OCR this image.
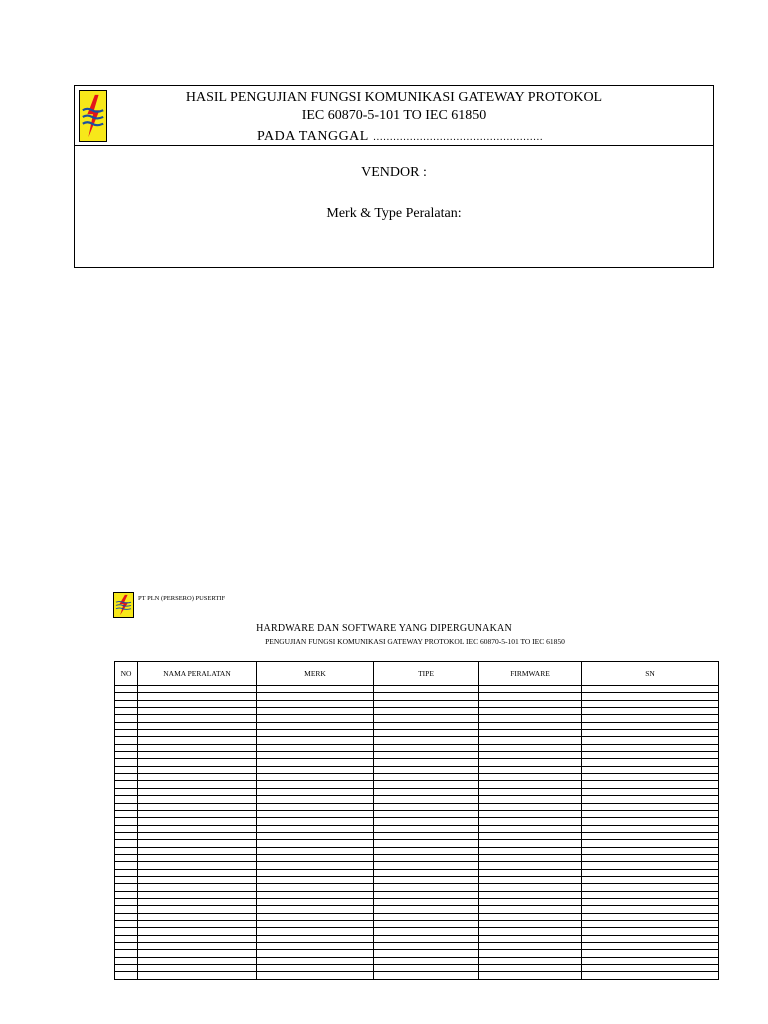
HASIL PENGUJIAN FUNGSI KOMUNIKASI GATEWAY PROTOKOL
IEC 60870-5-101 TO IEC 61850
PADA TANGGAL ……………………………………………
VENDOR :
Merk & Type Peralatan:
PT PLN (PERSERO) PUSERTIF
HARDWARE DAN SOFTWARE YANG DIPERGUNAKAN
PENGUJIAN FUNGSI KOMUNIKASI GATEWAY PROTOKOL IEC 60870-5-101 TO IEC 61850
NO	NAMA PERALATAN	MERK	TIPE	FIRMWARE	SN
